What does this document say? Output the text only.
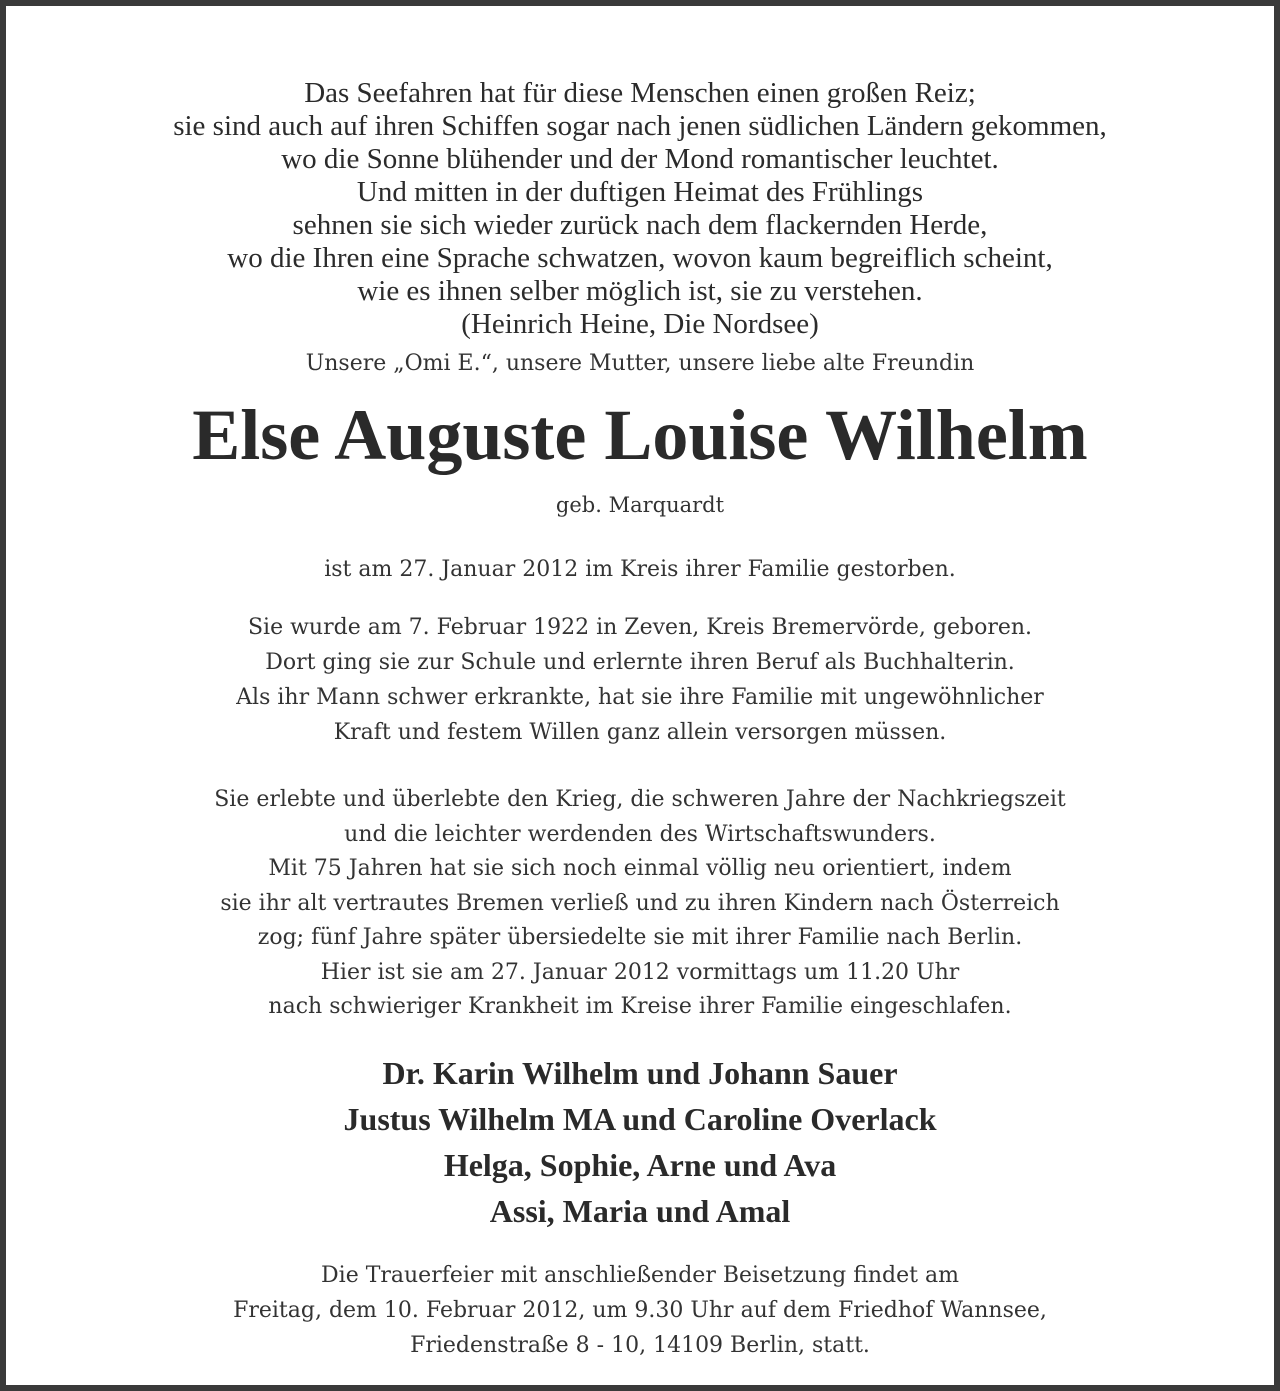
Das Seefahren hat für diese Menschen einen großen Reiz;
sie sind auch auf ihren Schiffen sogar nach jenen südlichen Ländern gekommen,
wo die Sonne blühender und der Mond romantischer leuchtet.
Und mitten in der duftigen Heimat des Frühlings
sehnen sie sich wieder zurück nach dem flackernden Herde,
wo die Ihren eine Sprache schwatzen, wovon kaum begreiflich scheint,
wie es ihnen selber möglich ist, sie zu verstehen.
(Heinrich Heine, Die Nordsee)
Unsere „Omi E.“, unsere Mutter, unsere liebe alte Freundin
Else Auguste Louise Wilhelm
geb. Marquardt
ist am 27. Januar 2012 im Kreis ihrer Familie gestorben.
Sie wurde am 7. Februar 1922 in Zeven, Kreis Bremervörde, geboren.
Dort ging sie zur Schule und erlernte ihren Beruf als Buchhalterin.
Als ihr Mann schwer erkrankte, hat sie ihre Familie mit ungewöhnlicher
Kraft und festem Willen ganz allein versorgen müssen.
Sie erlebte und überlebte den Krieg, die schweren Jahre der Nachkriegszeit
und die leichter werdenden des Wirtschaftswunders.
Mit 75 Jahren hat sie sich noch einmal völlig neu orientiert, indem
sie ihr alt vertrautes Bremen verließ und zu ihren Kindern nach Österreich
zog; fünf Jahre später übersiedelte sie mit ihrer Familie nach Berlin.
Hier ist sie am 27. Januar 2012 vormittags um 11.20 Uhr
nach schwieriger Krankheit im Kreise ihrer Familie eingeschlafen.
Dr. Karin Wilhelm und Johann Sauer
Justus Wilhelm MA und Caroline Overlack
Helga, Sophie, Arne und Ava
Assi, Maria und Amal
Die Trauerfeier mit anschließender Beisetzung findet am
Freitag, dem 10. Februar 2012, um 9.30 Uhr auf dem Friedhof Wannsee,
Friedenstraße 8 - 10, 14109 Berlin, statt.
